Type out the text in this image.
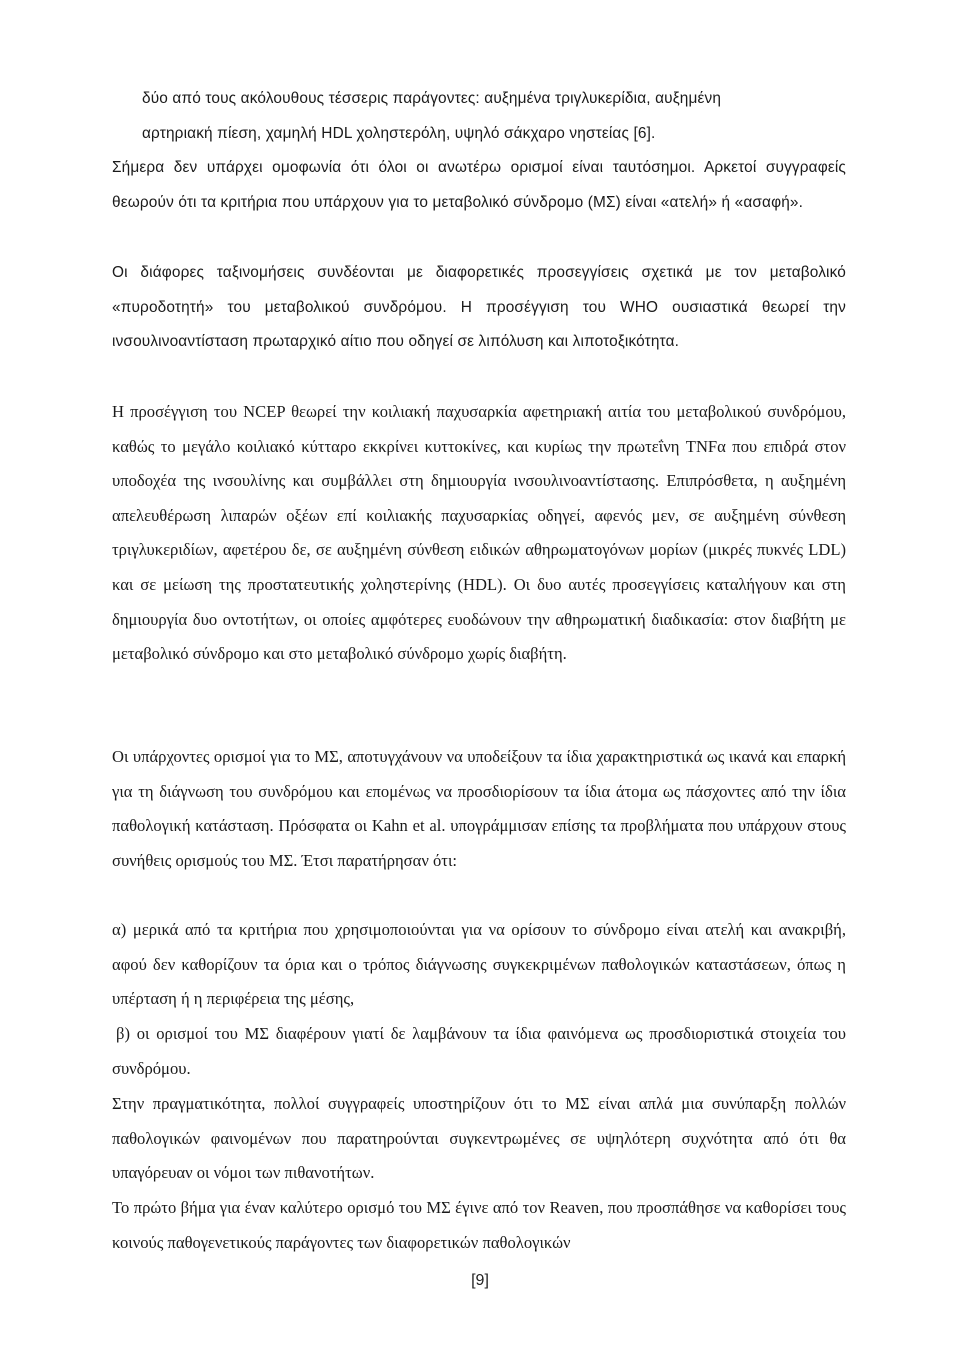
δύο από τους ακόλουθους τέσσερις παράγοντες: αυξημένα τριγλυκερίδια, αυξημένη

αρτηριακή πίεση, χαμηλή HDL χοληστερόλη, υψηλό σάκχαρο νηστείας [6].

Σήμερα δεν υπάρχει ομοφωνία ότι όλοι οι ανωτέρω ορισμοί είναι ταυτόσημοι. Αρκετοί συγγραφείς θεωρούν ότι τα κριτήρια που υπάρχουν για το μεταβολικό σύνδρομο (ΜΣ) είναι «ατελή» ή «ασαφή».

Οι διάφορες ταξινομήσεις συνδέονται με διαφορετικές προσεγγίσεις σχετικά με τον μεταβολικό «πυροδοτητή» του μεταβολικού συνδρόμου. Η προσέγγιση του WHO ουσιαστικά θεωρεί την ινσουλινοαντίσταση πρωταρχικό αίτιο που οδηγεί σε λιπόλυση και λιποτοξικότητα.

Η προσέγγιση του NCEP θεωρεί την κοιλιακή παχυσαρκία αφετηριακή αιτία του μεταβολικού συνδρόμου, καθώς το μεγάλο κοιλιακό κύτταρο εκκρίνει κυττοκίνες, και κυρίως την πρωτεΐνη TNFα που επιδρά στον υποδοχέα της ινσουλίνης και συμβάλλει στη δημιουργία ινσουλινοαντίστασης. Επιπρόσθετα, η αυξημένη απελευθέρωση λιπαρών οξέων επί κοιλιακής παχυσαρκίας οδηγεί, αφενός μεν, σε αυξημένη σύνθεση τριγλυκεριδίων, αφετέρου δε, σε αυξημένη σύνθεση ειδικών αθηρωματογόνων μορίων (μικρές πυκνές LDL) και σε μείωση της προστατευτικής χοληστερίνης (HDL). Οι δυο αυτές προσεγγίσεις καταλήγουν και στη δημιουργία δυο οντοτήτων, οι οποίες αμφότερες ευοδώνουν την αθηρωματική διαδικασία: στον διαβήτη με μεταβολικό σύνδρομο και στο μεταβολικό σύνδρομο χωρίς διαβήτη.

Οι υπάρχοντες ορισμοί για το ΜΣ, αποτυγχάνουν να υποδείξουν τα ίδια χαρακτηριστικά ως ικανά και επαρκή για τη διάγνωση του συνδρόμου και επομένως να προσδιορίσουν τα ίδια άτομα ως πάσχοντες από την ίδια παθολογική κατάσταση. Πρόσφατα οι Kahn et al. υπογράμμισαν επίσης τα προβλήματα που υπάρχουν στους συνήθεις ορισμούς του ΜΣ. Έτσι παρατήρησαν ότι:

α) μερικά από τα κριτήρια που χρησιμοποιούνται για να ορίσουν το σύνδρομο είναι ατελή και ανακριβή, αφού δεν καθορίζουν τα όρια και ο τρόπος διάγνωσης συγκεκριμένων παθολογικών καταστάσεων, όπως η υπέρταση ή η περιφέρεια της μέσης,

β) οι ορισμοί του ΜΣ διαφέρουν γιατί δε λαμβάνουν τα ίδια φαινόμενα ως προσδιοριστικά στοιχεία του συνδρόμου.

Στην πραγματικότητα, πολλοί συγγραφείς υποστηρίζουν ότι το ΜΣ είναι απλά μια συνύπαρξη πολλών παθολογικών φαινομένων που παρατηρούνται συγκεντρωμένες σε υψηλότερη συχνότητα από ότι θα υπαγόρευαν οι νόμοι των πιθανοτήτων.

Το πρώτο βήμα για έναν καλύτερο ορισμό του ΜΣ έγινε από τον Reaven, που προσπάθησε να καθορίσει τους κοινούς παθογενετικούς παράγοντες των διαφορετικών παθολογικών

[9]
